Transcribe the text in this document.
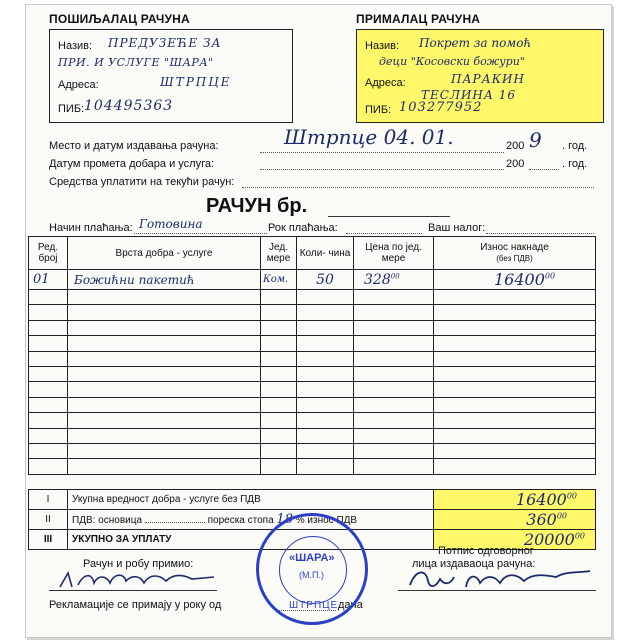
ПОШИЉАЛАЦ РАЧУНА
Назив: ПРЕДУЗЕЋЕ ЗА
ПРИ. И УСЛУГЕ "ШАРА"
Адреса:	ШТРПЦЕ
ПИБ: 104495363
ПРИМАЛАЦ РАЧУНА
Назив: Покрет за помоћ
деци "Косовски божури"
Адреса:	ПАРАКИН
ТЕСЛИНА 16
ПИБ: 103277952
Место и датум издавања рачуна:	Штрпце 04. 01.	200 9 . год.
Датум промета добара и услуга:	200	. год.
Средства уплатити на текући рачун:
РАЧУН бр.
Начин плаћања: Готовина	Рок плаћања:	Ваш налог:
Ред. број	Врста добра - услуге	Јед. мере	Коли- чина	Цена по јед. мере	Износ накнаде
(без ПДВ)

01	Божићни пакетић	Ком.	50	$328^{00}$	16400$^{00}$

I	Укупна вредност добра - услуге без ПДВ	16400$^{00}$
II	ПДВ: основица пореска стопа 18 % износ ПДВ	$360^{00}$
III	УКУПНО ЗА УПЛАТУ	20000$^{00}$
Рачун и робу примио:
Потпис одговорног
лица издаваоца рачуна:
Рекламације се примају у року од	дана
«ШАРА»
(М.П.)
ШТРПЦЕ
